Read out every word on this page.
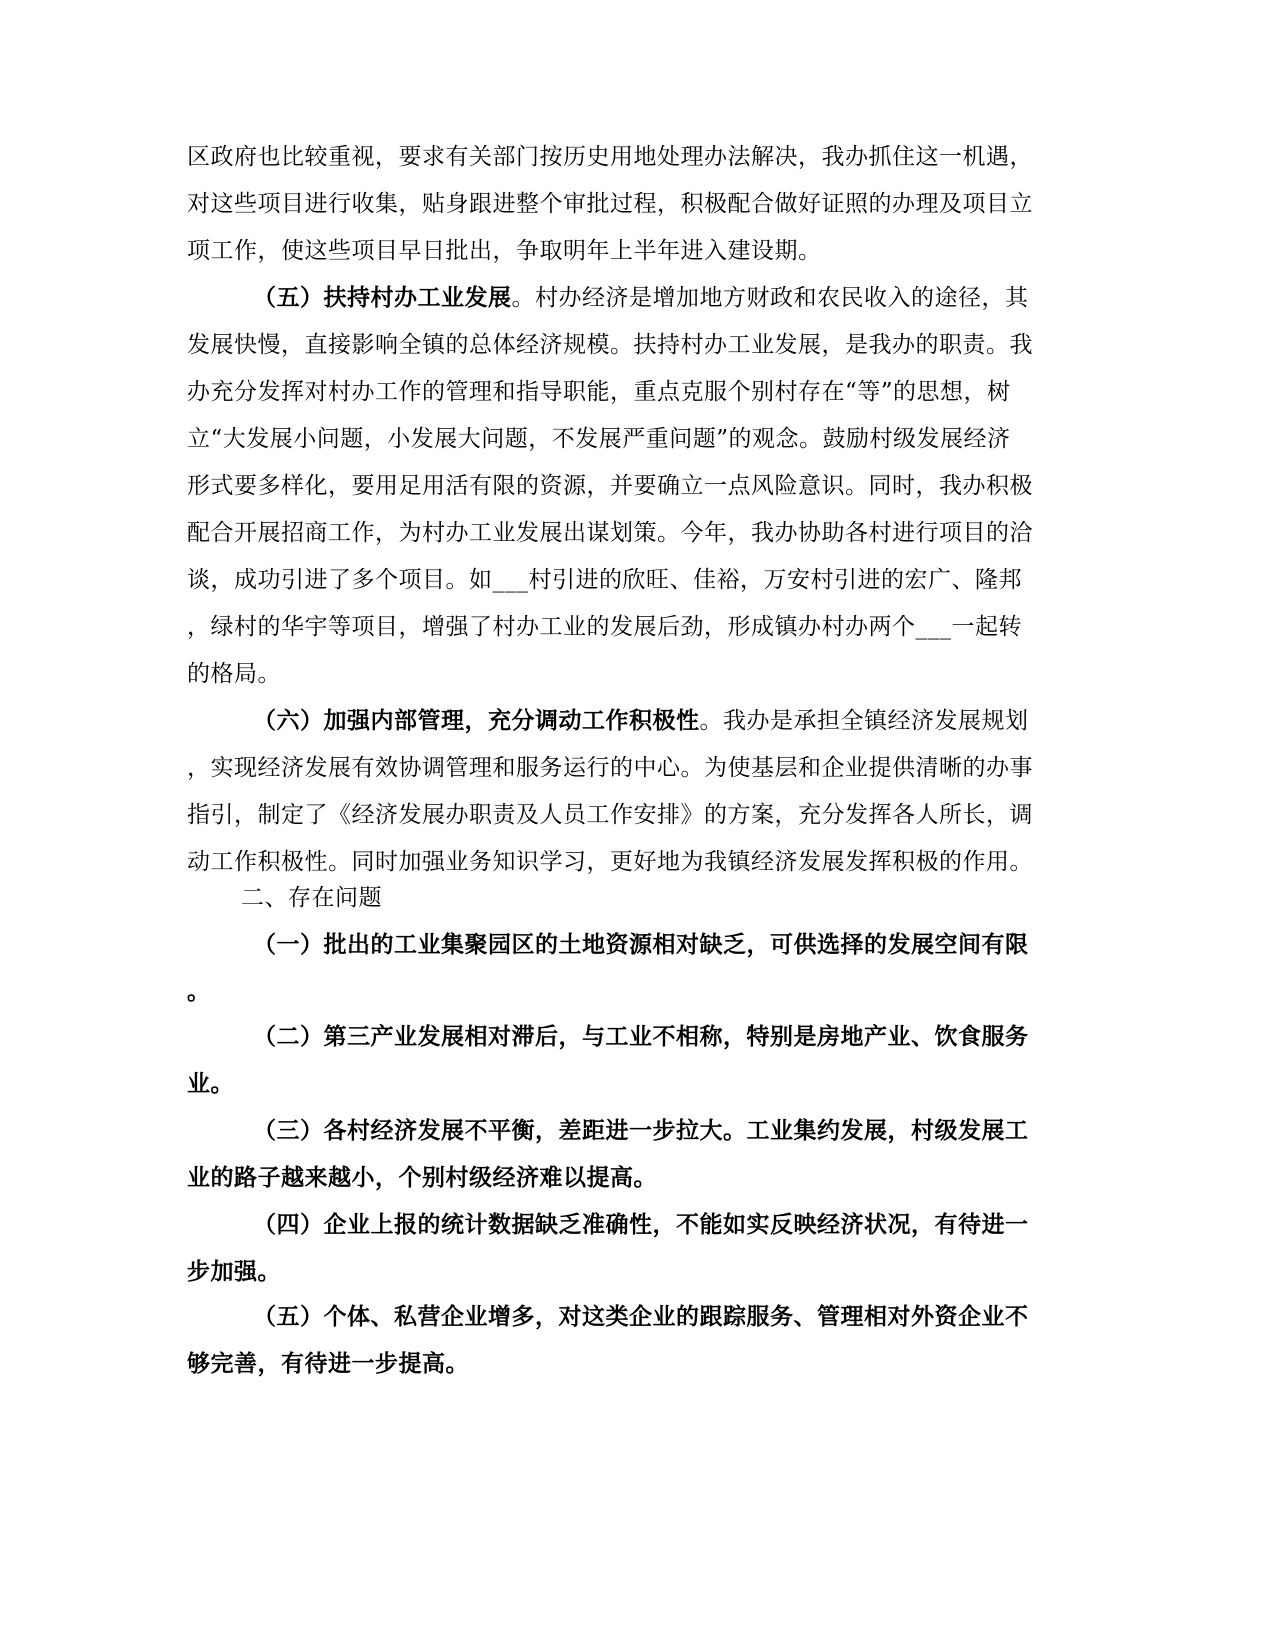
区政府也比较重视，要求有关部门按历史用地处理办法解决，我办抓住这一机遇，
对这些项目进行收集，贴身跟进整个审批过程，积极配合做好证照的办理及项目立
项工作，使这些项目早日批出，争取明年上半年进入建设期。
（五）扶持村办工业发展。村办经济是增加地方财政和农民收入的途径，其
发展快慢，直接影响全镇的总体经济规模。扶持村办工业发展，是我办的职责。我
办充分发挥对村办工作的管理和指导职能，重点克服个别村存在“等”的思想，树
立“大发展小问题，小发展大问题，不发展严重问题”的观念。鼓励村级发展经济
形式要多样化，要用足用活有限的资源，并要确立一点风险意识。同时，我办积极
配合开展招商工作，为村办工业发展出谋划策。今年，我办协助各村进行项目的洽
谈，成功引进了多个项目。如___村引进的欣旺、佳裕，万安村引进的宏广、隆邦
，绿村的华宇等项目，增强了村办工业的发展后劲，形成镇办村办两个___一起转
的格局。
（六）加强内部管理，充分调动工作积极性。我办是承担全镇经济发展规划
，实现经济发展有效协调管理和服务运行的中心。为使基层和企业提供清晰的办事
指引，制定了《经济发展办职责及人员工作安排》的方案，充分发挥各人所长，调
动工作积极性。同时加强业务知识学习，更好地为我镇经济发展发挥积极的作用。
二、存在问题
（一）批出的工业集聚园区的土地资源相对缺乏，可供选择的发展空间有限
。
（二）第三产业发展相对滞后，与工业不相称，特别是房地产业、饮食服务
业。
（三）各村经济发展不平衡，差距进一步拉大。工业集约发展，村级发展工
业的路子越来越小，个别村级经济难以提高。
（四）企业上报的统计数据缺乏准确性，不能如实反映经济状况，有待进一
步加强。
（五）个体、私营企业增多，对这类企业的跟踪服务、管理相对外资企业不
够完善，有待进一步提高。
